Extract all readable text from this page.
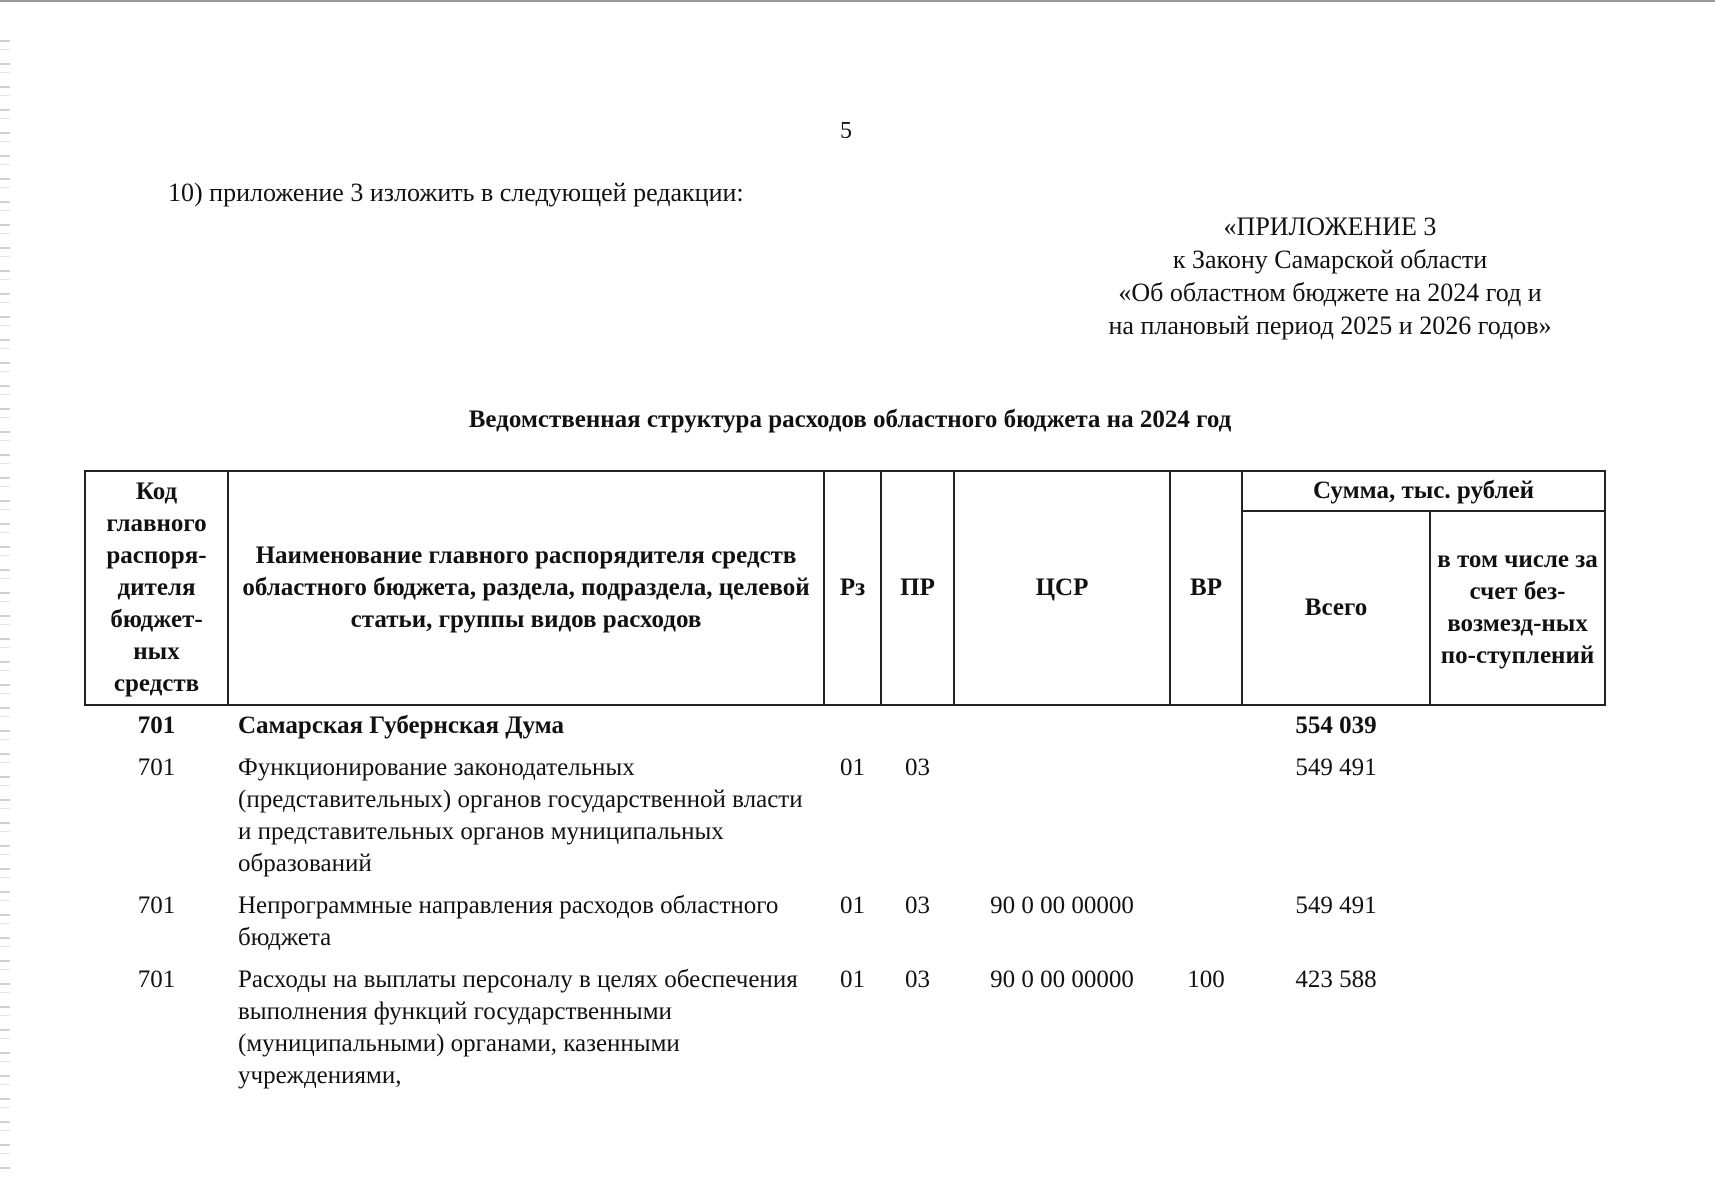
5
10) приложение 3 изложить в следующей редакции:
«ПРИЛОЖЕНИЕ 3
к Закону Самарской области
«Об областном бюджете на 2024 год и
на плановый период 2025 и 2026 годов»
Ведомственная структура расходов областного бюджета на 2024 год
Код главного распоря-дителя бюджет-ных средств	Наименование главного распорядителя средств областного бюджета, раздела, подраздела, целевой статьи, группы видов расходов	Рз	ПР	ЦСР	ВР	Сумма, тыс. рублей	
						Всего	в том числе за счет без-возмезд-ных по-ступлений
701	Самарская Губернская Дума					554 039	
701	Функционирование законодательных (представительных) органов государственной власти и представительных органов муниципальных образований	01	03			549 491	
701	Непрограммные направления расходов областного бюджета	01	03	90 0 00 00000		549 491	
701	Расходы на выплаты персоналу в целях обеспечения выполнения функций государственными (муниципальными) органами, казенными учреждениями,	01	03	90 0 00 00000	100	423 588	
